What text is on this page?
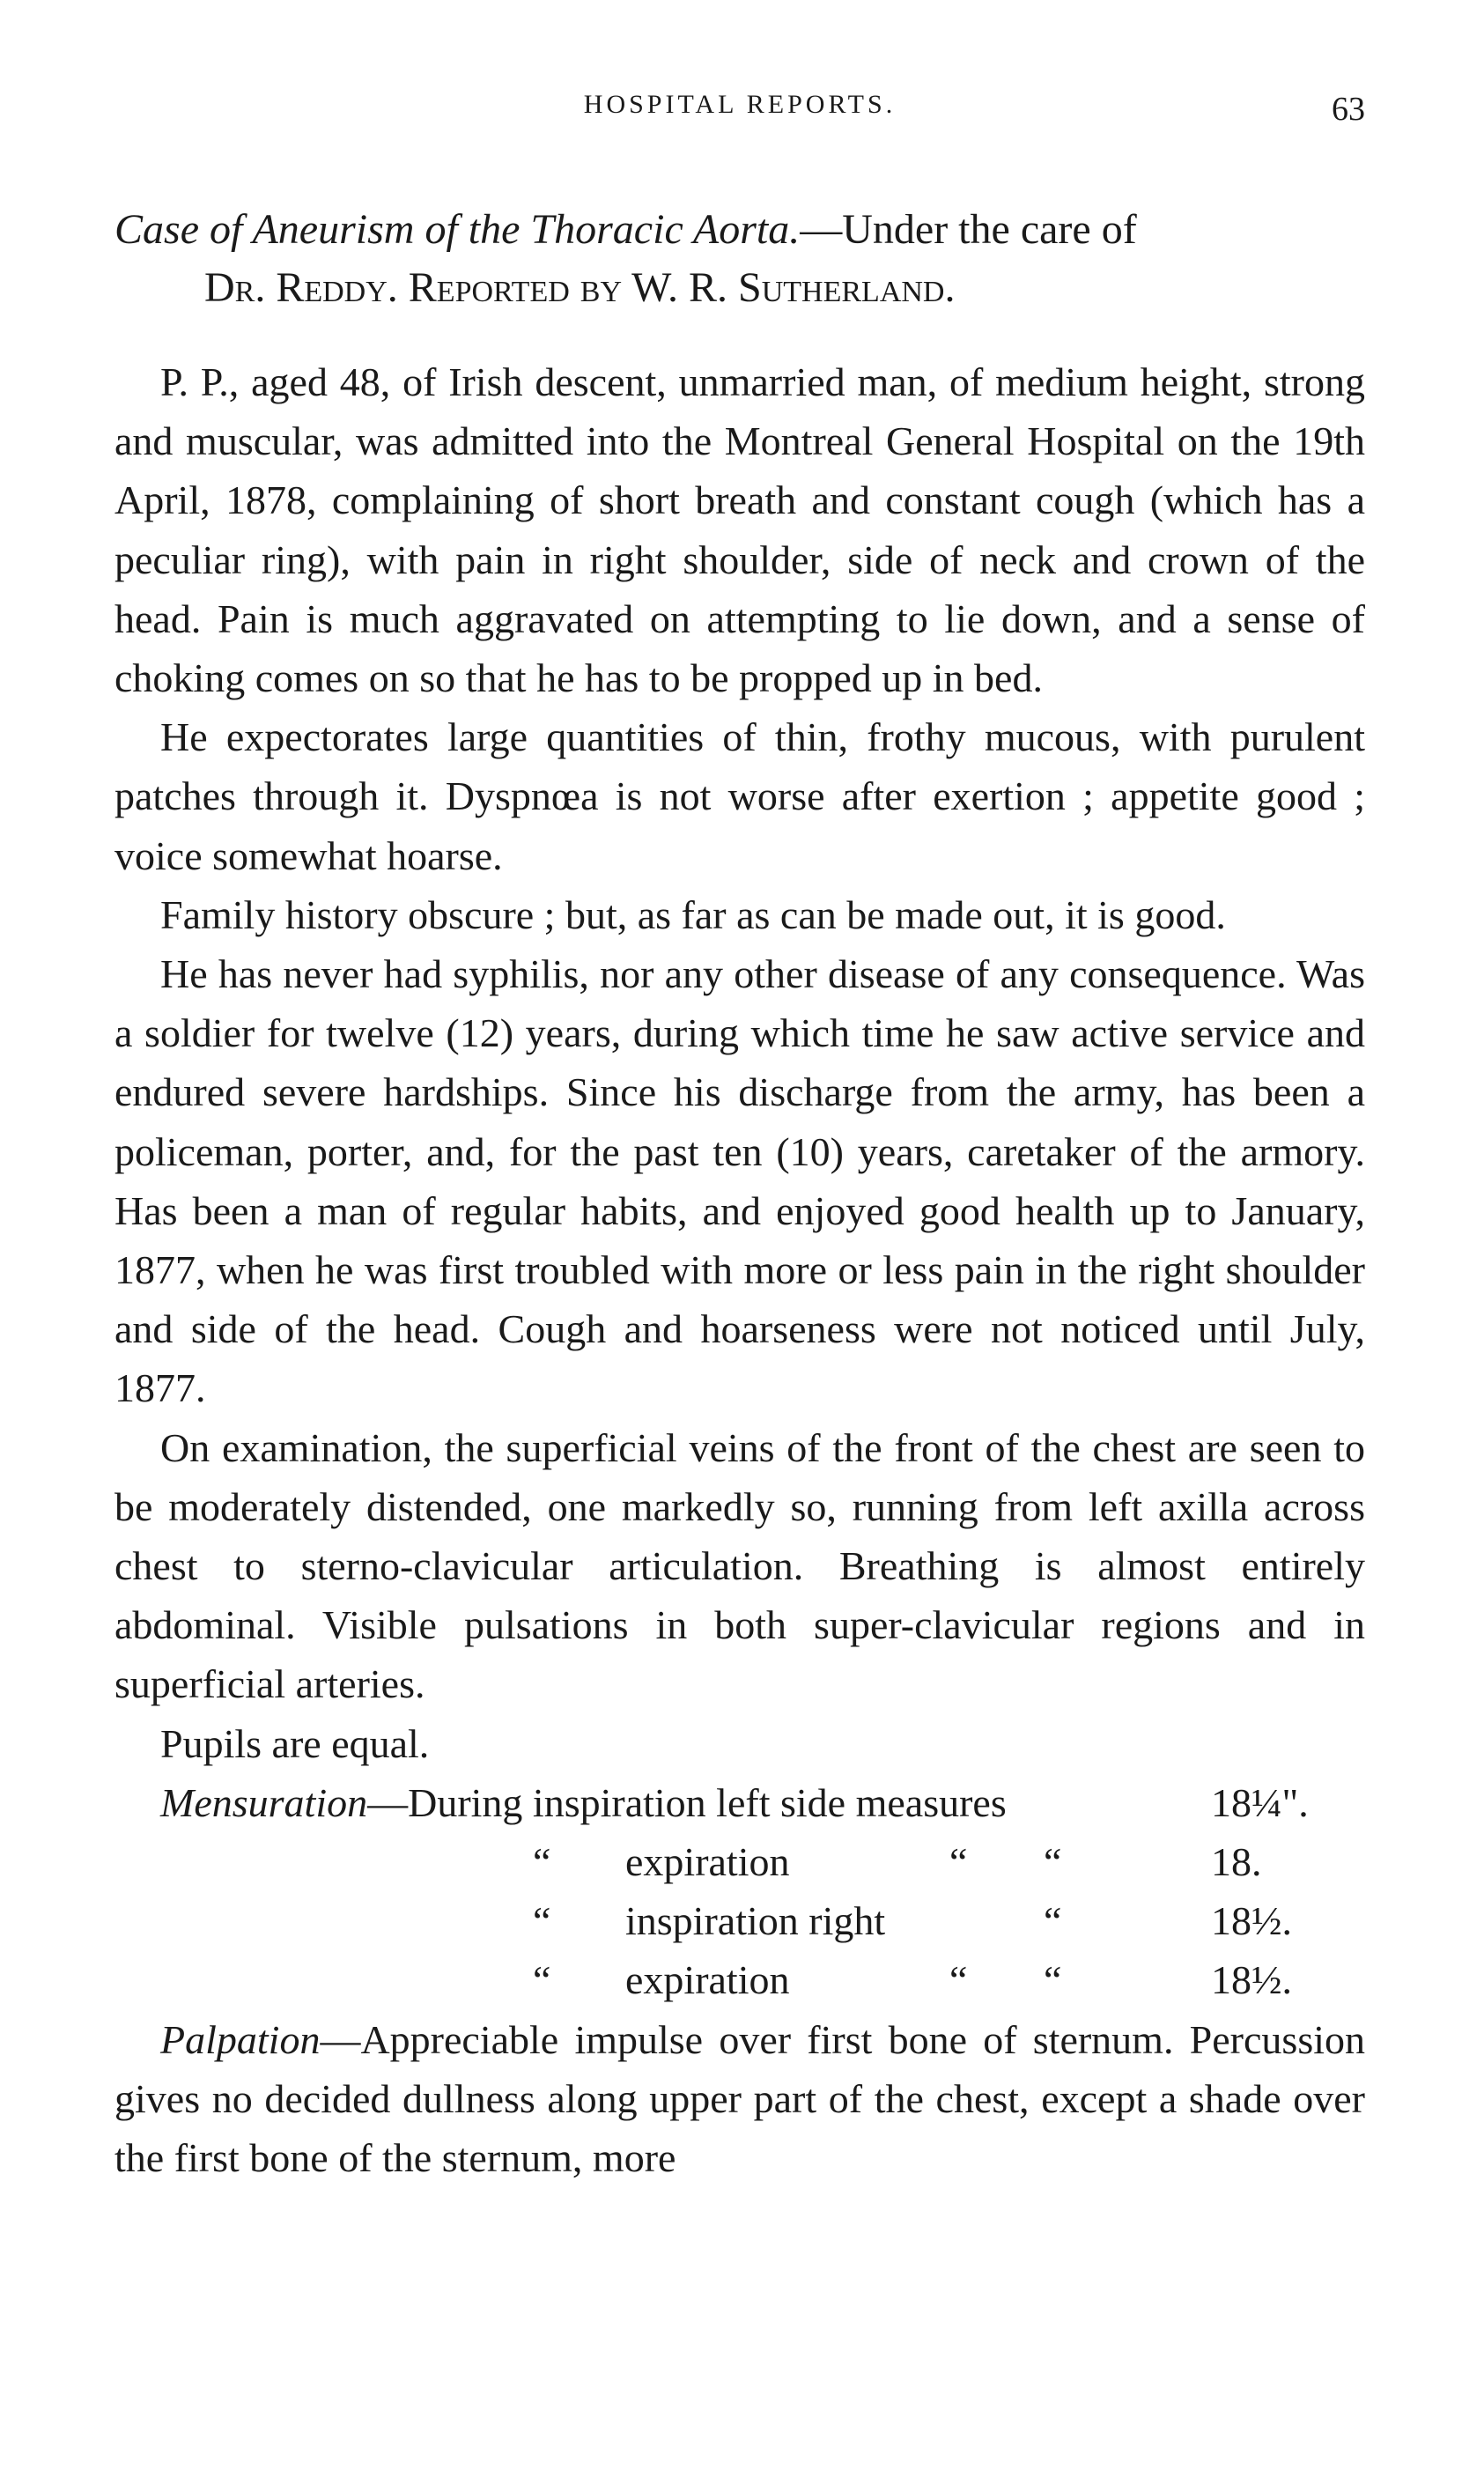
HOSPITAL REPORTS.	63
Case of Aneurism of the Thoracic Aorta.—Under the care of
Dr. Reddy. Reported by W. R. Sutherland.

P. P., aged 48, of Irish descent, unmarried man, of medium height, strong and muscular, was admitted into the Montreal General Hospital on the 19th April, 1878, complaining of short breath and constant cough (which has a peculiar ring), with pain in right shoulder, side of neck and crown of the head. Pain is much aggravated on attempting to lie down, and a sense of choking comes on so that he has to be propped up in bed.

He expectorates large quantities of thin, frothy mucous, with purulent patches through it. Dyspnœa is not worse after exertion ; appetite good ; voice somewhat hoarse.

Family history obscure ; but, as far as can be made out, it is good.

He has never had syphilis, nor any other disease of any consequence. Was a soldier for twelve (12) years, during which time he saw active service and endured severe hardships. Since his discharge from the army, has been a policeman, porter, and, for the past ten (10) years, caretaker of the armory. Has been a man of regular habits, and enjoyed good health up to January, 1877, when he was first troubled with more or less pain in the right shoulder and side of the head. Cough and hoarseness were not noticed until July, 1877.

On examination, the superficial veins of the front of the chest are seen to be moderately distended, one markedly so, running from left axilla across chest to sterno-clavicular articulation. Breathing is almost entirely abdominal. Visible pulsations in both super-clavicular regions and in superficial arteries.

Pupils are equal.

Mensuration—During inspiration left side measures	18¼".
“ expiration	“ “	18.
“ inspiration right	“	18½.
“ expiration	“ “	18½.

Palpation—Appreciable impulse over first bone of sternum. Percussion gives no decided dullness along upper part of the chest, except a shade over the first bone of the sternum, more
